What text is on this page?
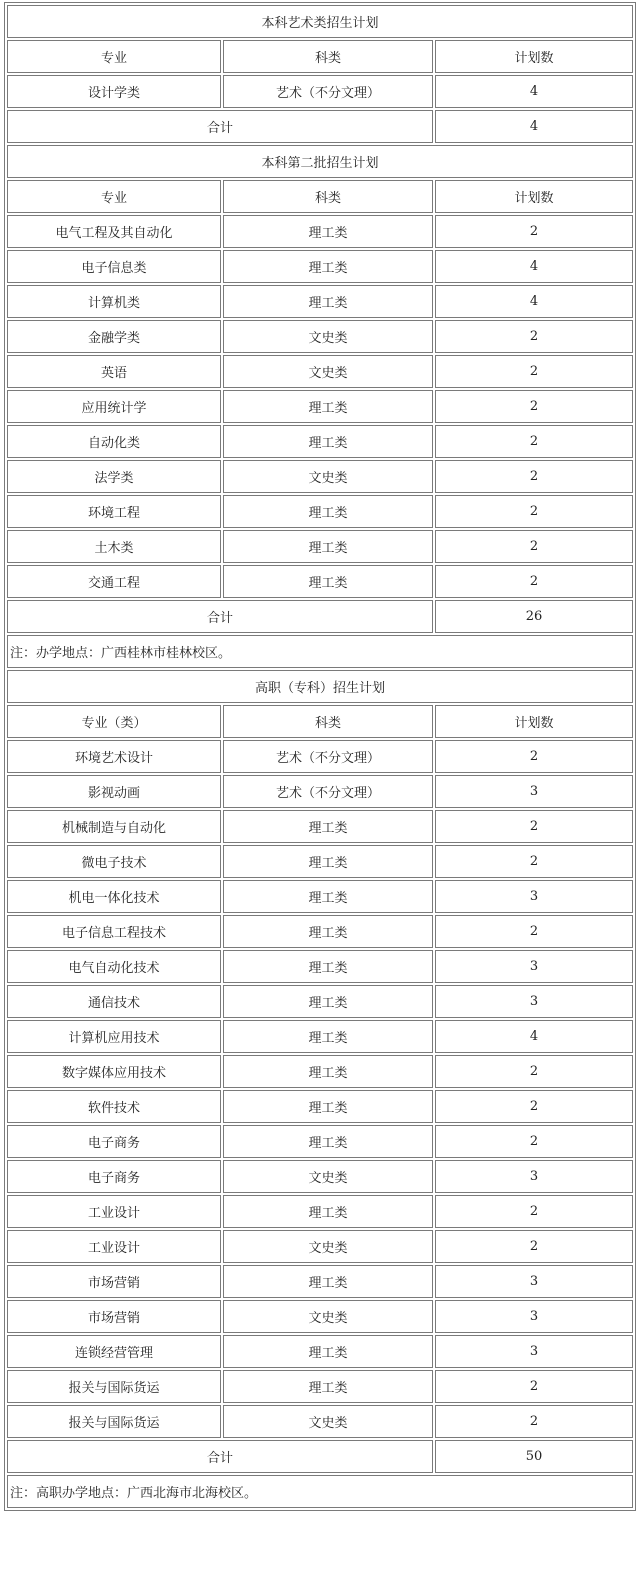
本科艺术类招生计划		
专业	科类	计划数
设计学类	艺术（不分文理）	4
合计		4
本科第二批招生计划		
专业	科类	计划数
电气工程及其自动化	理工类	2
电子信息类	理工类	4
计算机类	理工类	4
金融学类	文史类	2
英语	文史类	2
应用统计学	理工类	2
自动化类	理工类	2
法学类	文史类	2
环境工程	理工类	2
土木类	理工类	2
交通工程	理工类	2
合计		26
注：办学地点：广西桂林市桂林校区。		
高职（专科）招生计划		
专业（类）	科类	计划数
环境艺术设计	艺术（不分文理）	2
影视动画	艺术（不分文理）	3
机械制造与自动化	理工类	2
微电子技术	理工类	2
机电一体化技术	理工类	3
电子信息工程技术	理工类	2
电气自动化技术	理工类	3
通信技术	理工类	3
计算机应用技术	理工类	4
数字媒体应用技术	理工类	2
软件技术	理工类	2
电子商务	理工类	2
电子商务	文史类	3
工业设计	理工类	2
工业设计	文史类	2
市场营销	理工类	3
市场营销	文史类	3
连锁经营管理	理工类	3
报关与国际货运	理工类	2
报关与国际货运	文史类	2
合计		50
注：高职办学地点：广西北海市北海校区。		
